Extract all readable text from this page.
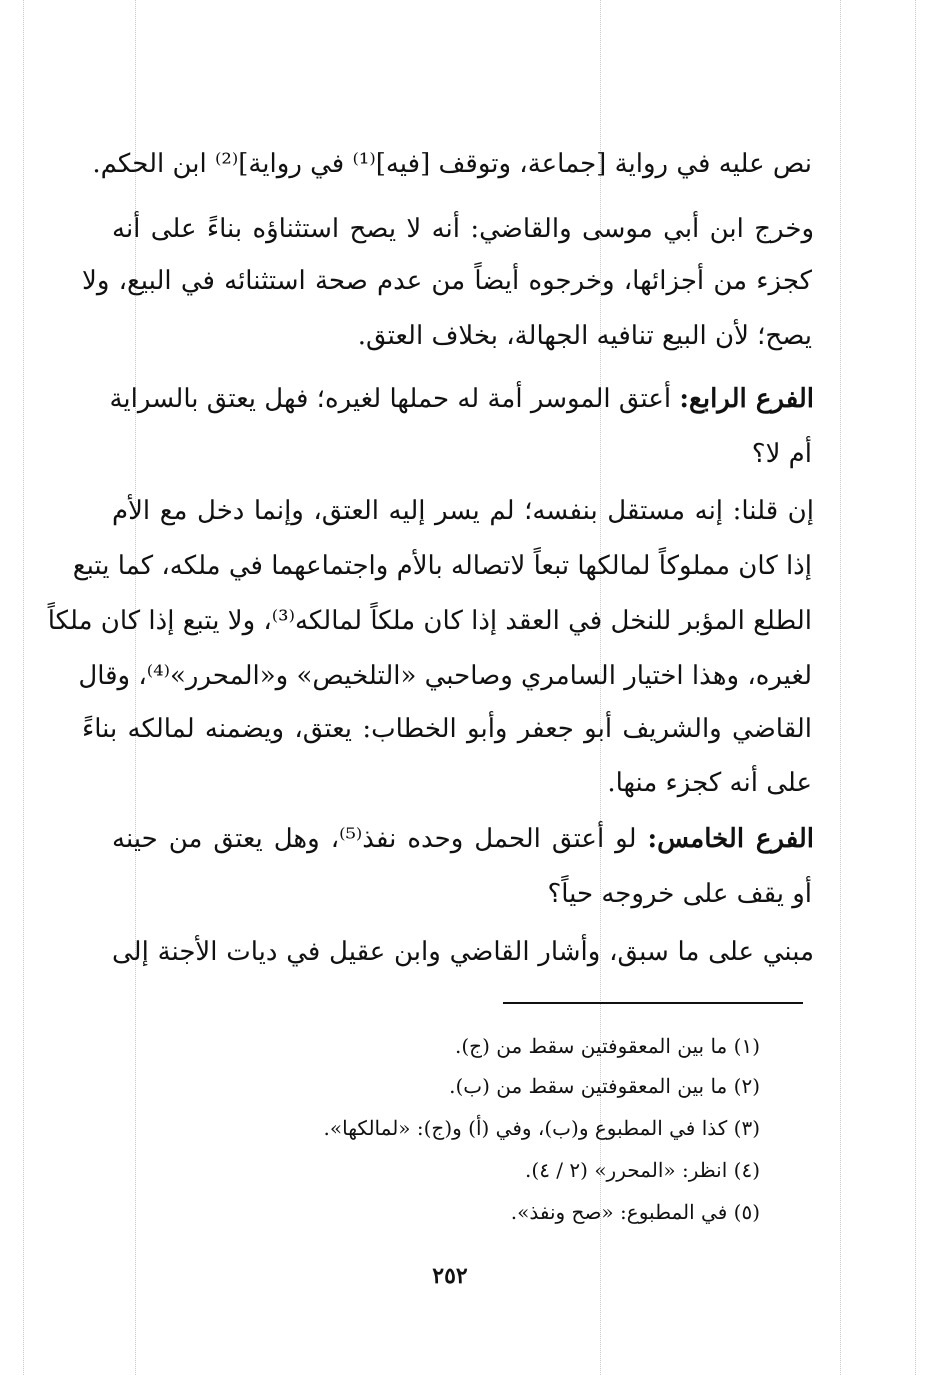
نص عليه في رواية [جماعة، وتوقف [فيه]⁽¹⁾ في رواية]⁽²⁾ ابن الحكم.
وخرج ابن أبي موسى والقاضي: أنه لا يصح استثناؤه بناءً على أنه
كجزء من أجزائها، وخرجوه أيضاً من عدم صحة استثنائه في البيع، ولا
يصح؛ لأن البيع تنافيه الجهالة، بخلاف العتق.
الفرع الرابع: أعتق الموسر أمة له حملها لغيره؛ فهل يعتق بالسراية
أم لا؟
إن قلنا: إنه مستقل بنفسه؛ لم يسر إليه العتق، وإنما دخل مع الأم
إذا كان مملوكاً لمالكها تبعاً لاتصاله بالأم واجتماعهما في ملكه، كما يتبع
الطلع المؤبر للنخل في العقد إذا كان ملكاً لمالكه⁽³⁾، ولا يتبع إذا كان ملكاً
لغيره، وهذا اختيار السامري وصاحبي «التلخيص» و«المحرر»⁽⁴⁾، وقال
القاضي والشريف أبو جعفر وأبو الخطاب: يعتق، ويضمنه لمالكه بناءً
على أنه كجزء منها.
الفرع الخامس: لو أعتق الحمل وحده نفذ⁽⁵⁾، وهل يعتق من حينه
أو يقف على خروجه حياً؟
مبني على ما سبق، وأشار القاضي وابن عقيل في ديات الأجنة إلى
(١) ما بين المعقوفتين سقط من (ج).
(٢) ما بين المعقوفتين سقط من (ب).
(٣) كذا في المطبوع و(ب)، وفي (أ) و(ج): «لمالكها».
(٤) انظر: «المحرر» (٢ / ٤).
(٥) في المطبوع: «صح ونفذ».
٢٥٢
